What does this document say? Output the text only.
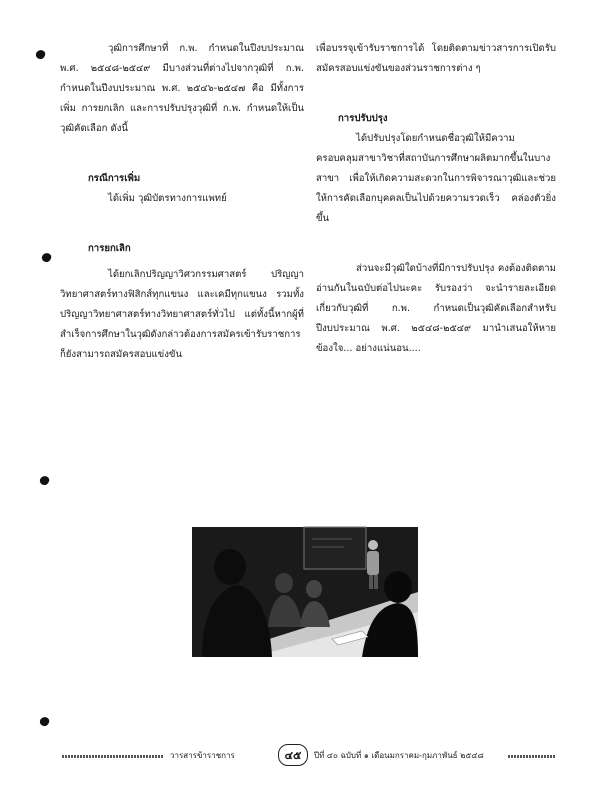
วุฒิการศึกษาที่ ก.พ. กำหนดในปีงบประมาณ พ.ศ. ๒๕๔๘-๒๕๔๙ มีบางส่วนที่ต่างไปจากวุฒิที่ ก.พ. กำหนดในปีงบประมาณ พ.ศ. ๒๕๔๖-๒๕๔๗ คือ มีทั้งการเพิ่ม การยกเลิก และการปรับปรุงวุฒิที่ ก.พ. กำหนดให้เป็นวุฒิคัดเลือก ดังนี้

กรณีการเพิ่ม

ได้เพิ่ม วุฒิบัตรทางการแพทย์

การยกเลิก

ได้ยกเลิกปริญญาวิศวกรรมศาสตร์ ปริญญาวิทยาศาสตร์ทางฟิสิกส์ทุกแขนง และเคมีทุกแขนง รวมทั้งปริญญาวิทยาศาสตร์ทางวิทยาศาสตร์ทั่วไป แต่ทั้งนี้หากผู้ที่สำเร็จการศึกษาในวุฒิดังกล่าวต้องการสมัครเข้ารับราชการ ก็ยังสามารถสมัครสอบแข่งขัน

เพื่อบรรจุเข้ารับราชการได้ โดยติดตามข่าวสารการเปิดรับสมัครสอบแข่งขันของส่วนราชการต่าง ๆ

การปรับปรุง

ได้ปรับปรุงโดยกำหนดชื่อวุฒิให้มีความครอบคลุมสาขาวิชาที่สถาบันการศึกษาผลิตมากขึ้นในบางสาขา เพื่อให้เกิดความสะดวกในการพิจารณาวุฒิและช่วยให้การคัดเลือกบุคคลเป็นไปด้วยความรวดเร็ว คล่องตัวยิ่งขึ้น

ส่วนจะมีวุฒิใดบ้างที่มีการปรับปรุง คงต้องติดตามอ่านกันในฉบับต่อไปนะคะ รับรองว่า จะนำรายละเอียดเกี่ยวกับวุฒิที่ ก.พ. กำหนดเป็นวุฒิคัดเลือกสำหรับปีงบประมาณ พ.ศ. ๒๕๔๘-๒๕๔๙ มานำเสนอให้หายข้องใจ... อย่างแน่นอน....

วารสารข้าราชการ	๔๕	ปีที่ ๔๐ ฉบับที่ ๑ เดือนมกราคม-กุมภาพันธ์ ๒๕๔๘
